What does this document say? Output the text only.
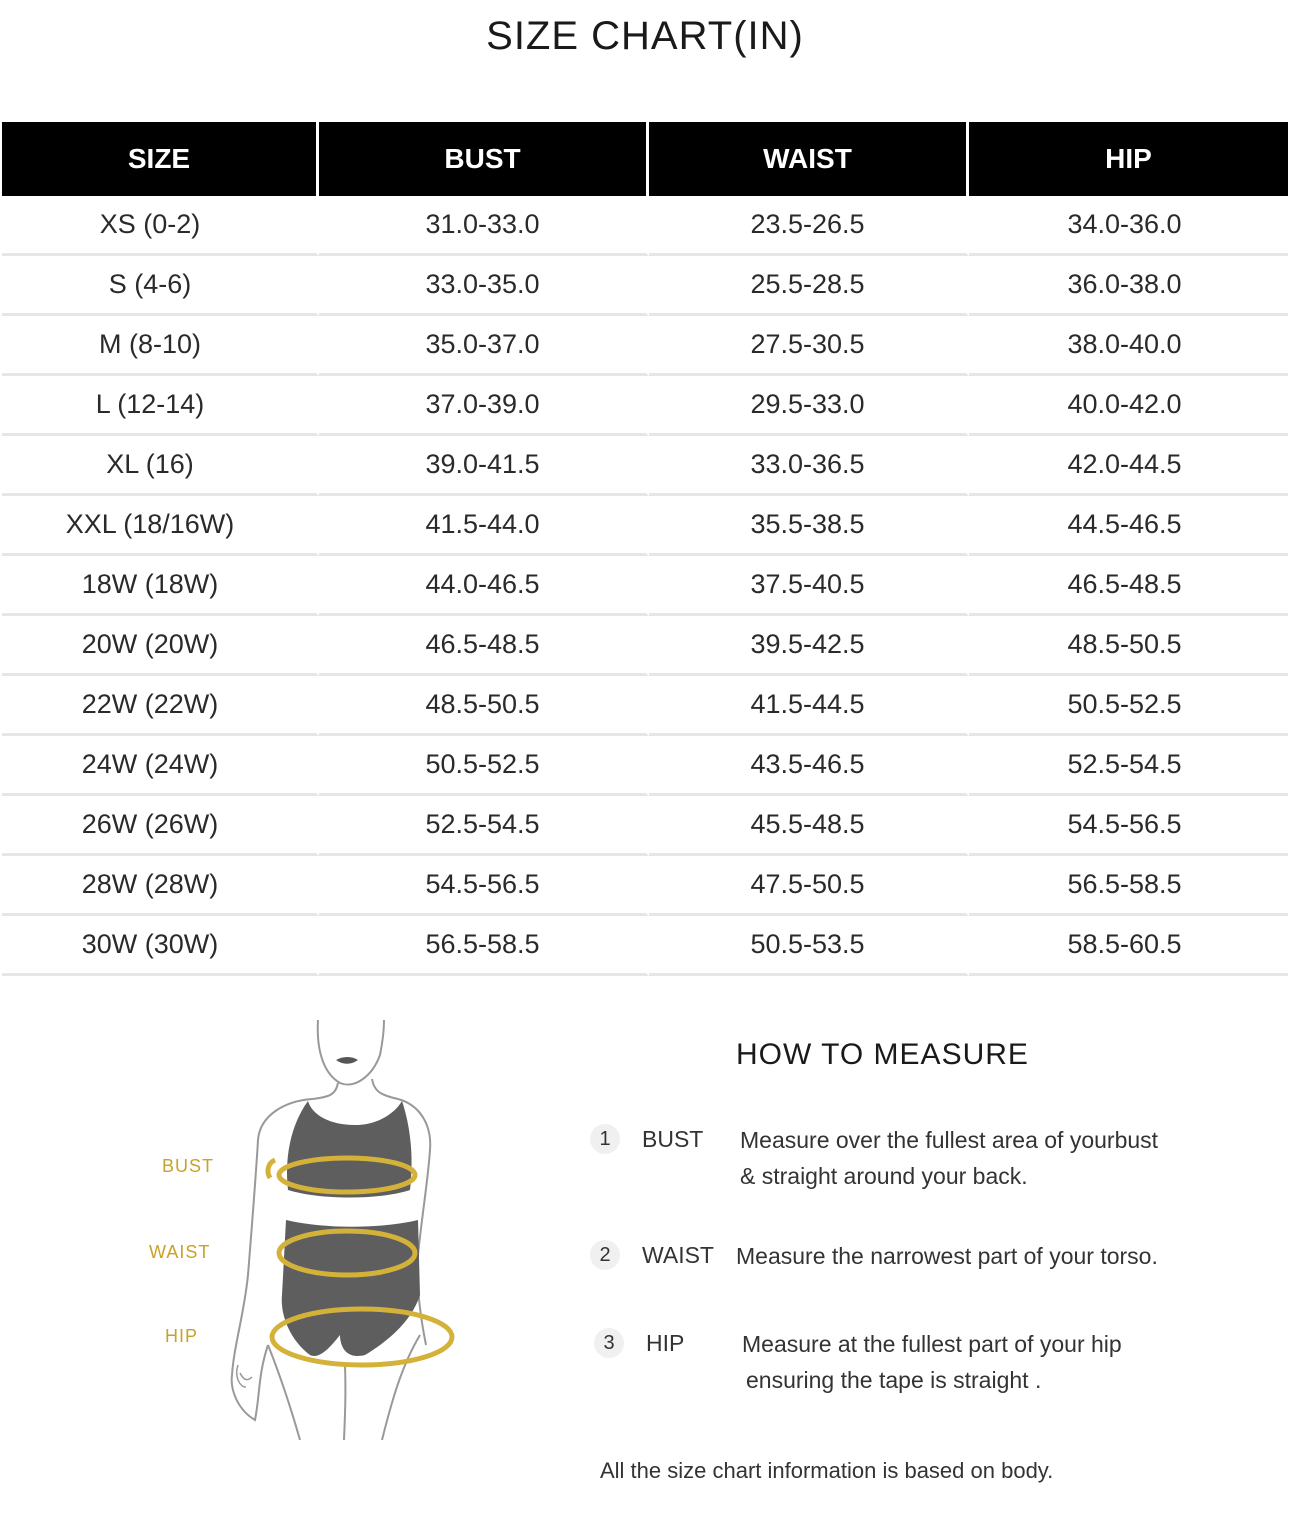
SIZE CHART(IN)
SIZE	BUST	WAIST	HIP
XS (0-2)	31.0-33.0	23.5-26.5	34.0-36.0
S (4-6)	33.0-35.0	25.5-28.5	36.0-38.0
M (8-10)	35.0-37.0	27.5-30.5	38.0-40.0
L (12-14)	37.0-39.0	29.5-33.0	40.0-42.0
XL (16)	39.0-41.5	33.0-36.5	42.0-44.5
XXL (18/16W)	41.5-44.0	35.5-38.5	44.5-46.5
18W (18W)	44.0-46.5	37.5-40.5	46.5-48.5
20W (20W)	46.5-48.5	39.5-42.5	48.5-50.5
22W (22W)	48.5-50.5	41.5-44.5	50.5-52.5
24W (24W)	50.5-52.5	43.5-46.5	52.5-54.5
26W (26W)	52.5-54.5	45.5-48.5	54.5-56.5
28W (28W)	54.5-56.5	47.5-50.5	56.5-58.5
30W (30W)	56.5-58.5	50.5-53.5	58.5-60.5
BUST
WAIST
HIP
HOW TO MEASURE
1	BUST Measure over the fullest area of yourbust
& straight around your back.
2	WAIST Measure the narrowest part of your torso.
3	HIP	Measure at the fullest part of your hip
ensuring the tape is straight .
All the size chart information is based on body.
